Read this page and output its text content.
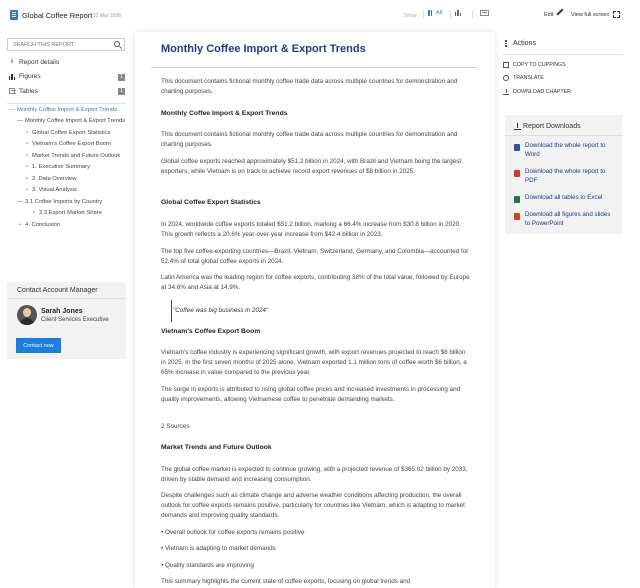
Global Coffee Report 12 Mar 2026	Show	All	Edit	View full screen
SEARCH THIS REPORT
i Report details
Figures	1
Tables	1
— Monthly Coffee Import & Export Trends
— Monthly Coffee Import & Export Trends
• Global Coffee Export Statistics
• Vietnam's Coffee Export Boom
• Market Trends and Future Outlook
• 1. Executive Summary
• 2. Data Overview
• 3. Visual Analysis
— 3.1 Coffee Imports by Country
• 3.3 Export Market Share
• 4. Conclusion
Contact Account Manager
Sarah Jones
Client Services Executive
Contact now
Monthly Coffee Import & Export Trends

This document contains fictional monthly coffee trade data across multiple countries for demonstration and charting purposes.

Monthly Coffee Import & Export Trends

This document contains fictional monthly coffee trade data across multiple countries for demonstration and charting purposes.

Global coffee exports reached approximately $51.2 billion in 2024, with Brazil and Vietnam being the largest exporters, while Vietnam is on track to achieve record export revenues of $8 billion in 2025.

Global Coffee Export Statistics

In 2024, worldwide coffee exports totaled $51.2 billion, marking a 66.4% increase from $30.8 billion in 2020. This growth reflects a 20.6% year-over-year increase from $42.4 billion in 2023.

The top five coffee-exporting countries—Brazil, Vietnam, Switzerland, Germany, and Colombia—accounted for 52.4% of total global coffee exports in 2024.

Latin America was the leading region for coffee exports, contributing 38% of the total value, followed by Europe at 34.6% and Asia at 14.9%.

"Coffee was big business in 2024"

Vietnam's Coffee Export Boom

Vietnam's coffee industry is experiencing significant growth, with export revenues projected to reach $8 billion in 2025. In the first seven months of 2025 alone, Vietnam exported 1.1 million tons of coffee worth $6 billion, a 65% increase in value compared to the previous year.

The surge in exports is attributed to rising global coffee prices and increased investments in processing and quality improvements, allowing Vietnamese coffee to penetrate demanding markets.

2 Sources

Market Trends and Future Outlook

The global coffee market is expected to continue growing, with a projected revenue of $365.02 billion by 2033, driven by stable demand and increasing consumption.

Despite challenges such as climate change and adverse weather conditions affecting production, the overall outlook for coffee exports remains positive, particularly for countries like Vietnam, which is adapting to market demands and improving quality standards.

• Overall outlook for coffee exports remains positive

• Vietnam is adapting to market demands

• Quality standards are improving

This summary highlights the current state of coffee exports, focusing on global trends and

Actions
COPY TO CUPPINGS
TRANSLATE
DOWNLOAD CHAPTER
Report Downloads
Download the whole report to Word
Download the whole report to PDF
Download all tables to Excel
Download all figures and slides to PowerPoint
